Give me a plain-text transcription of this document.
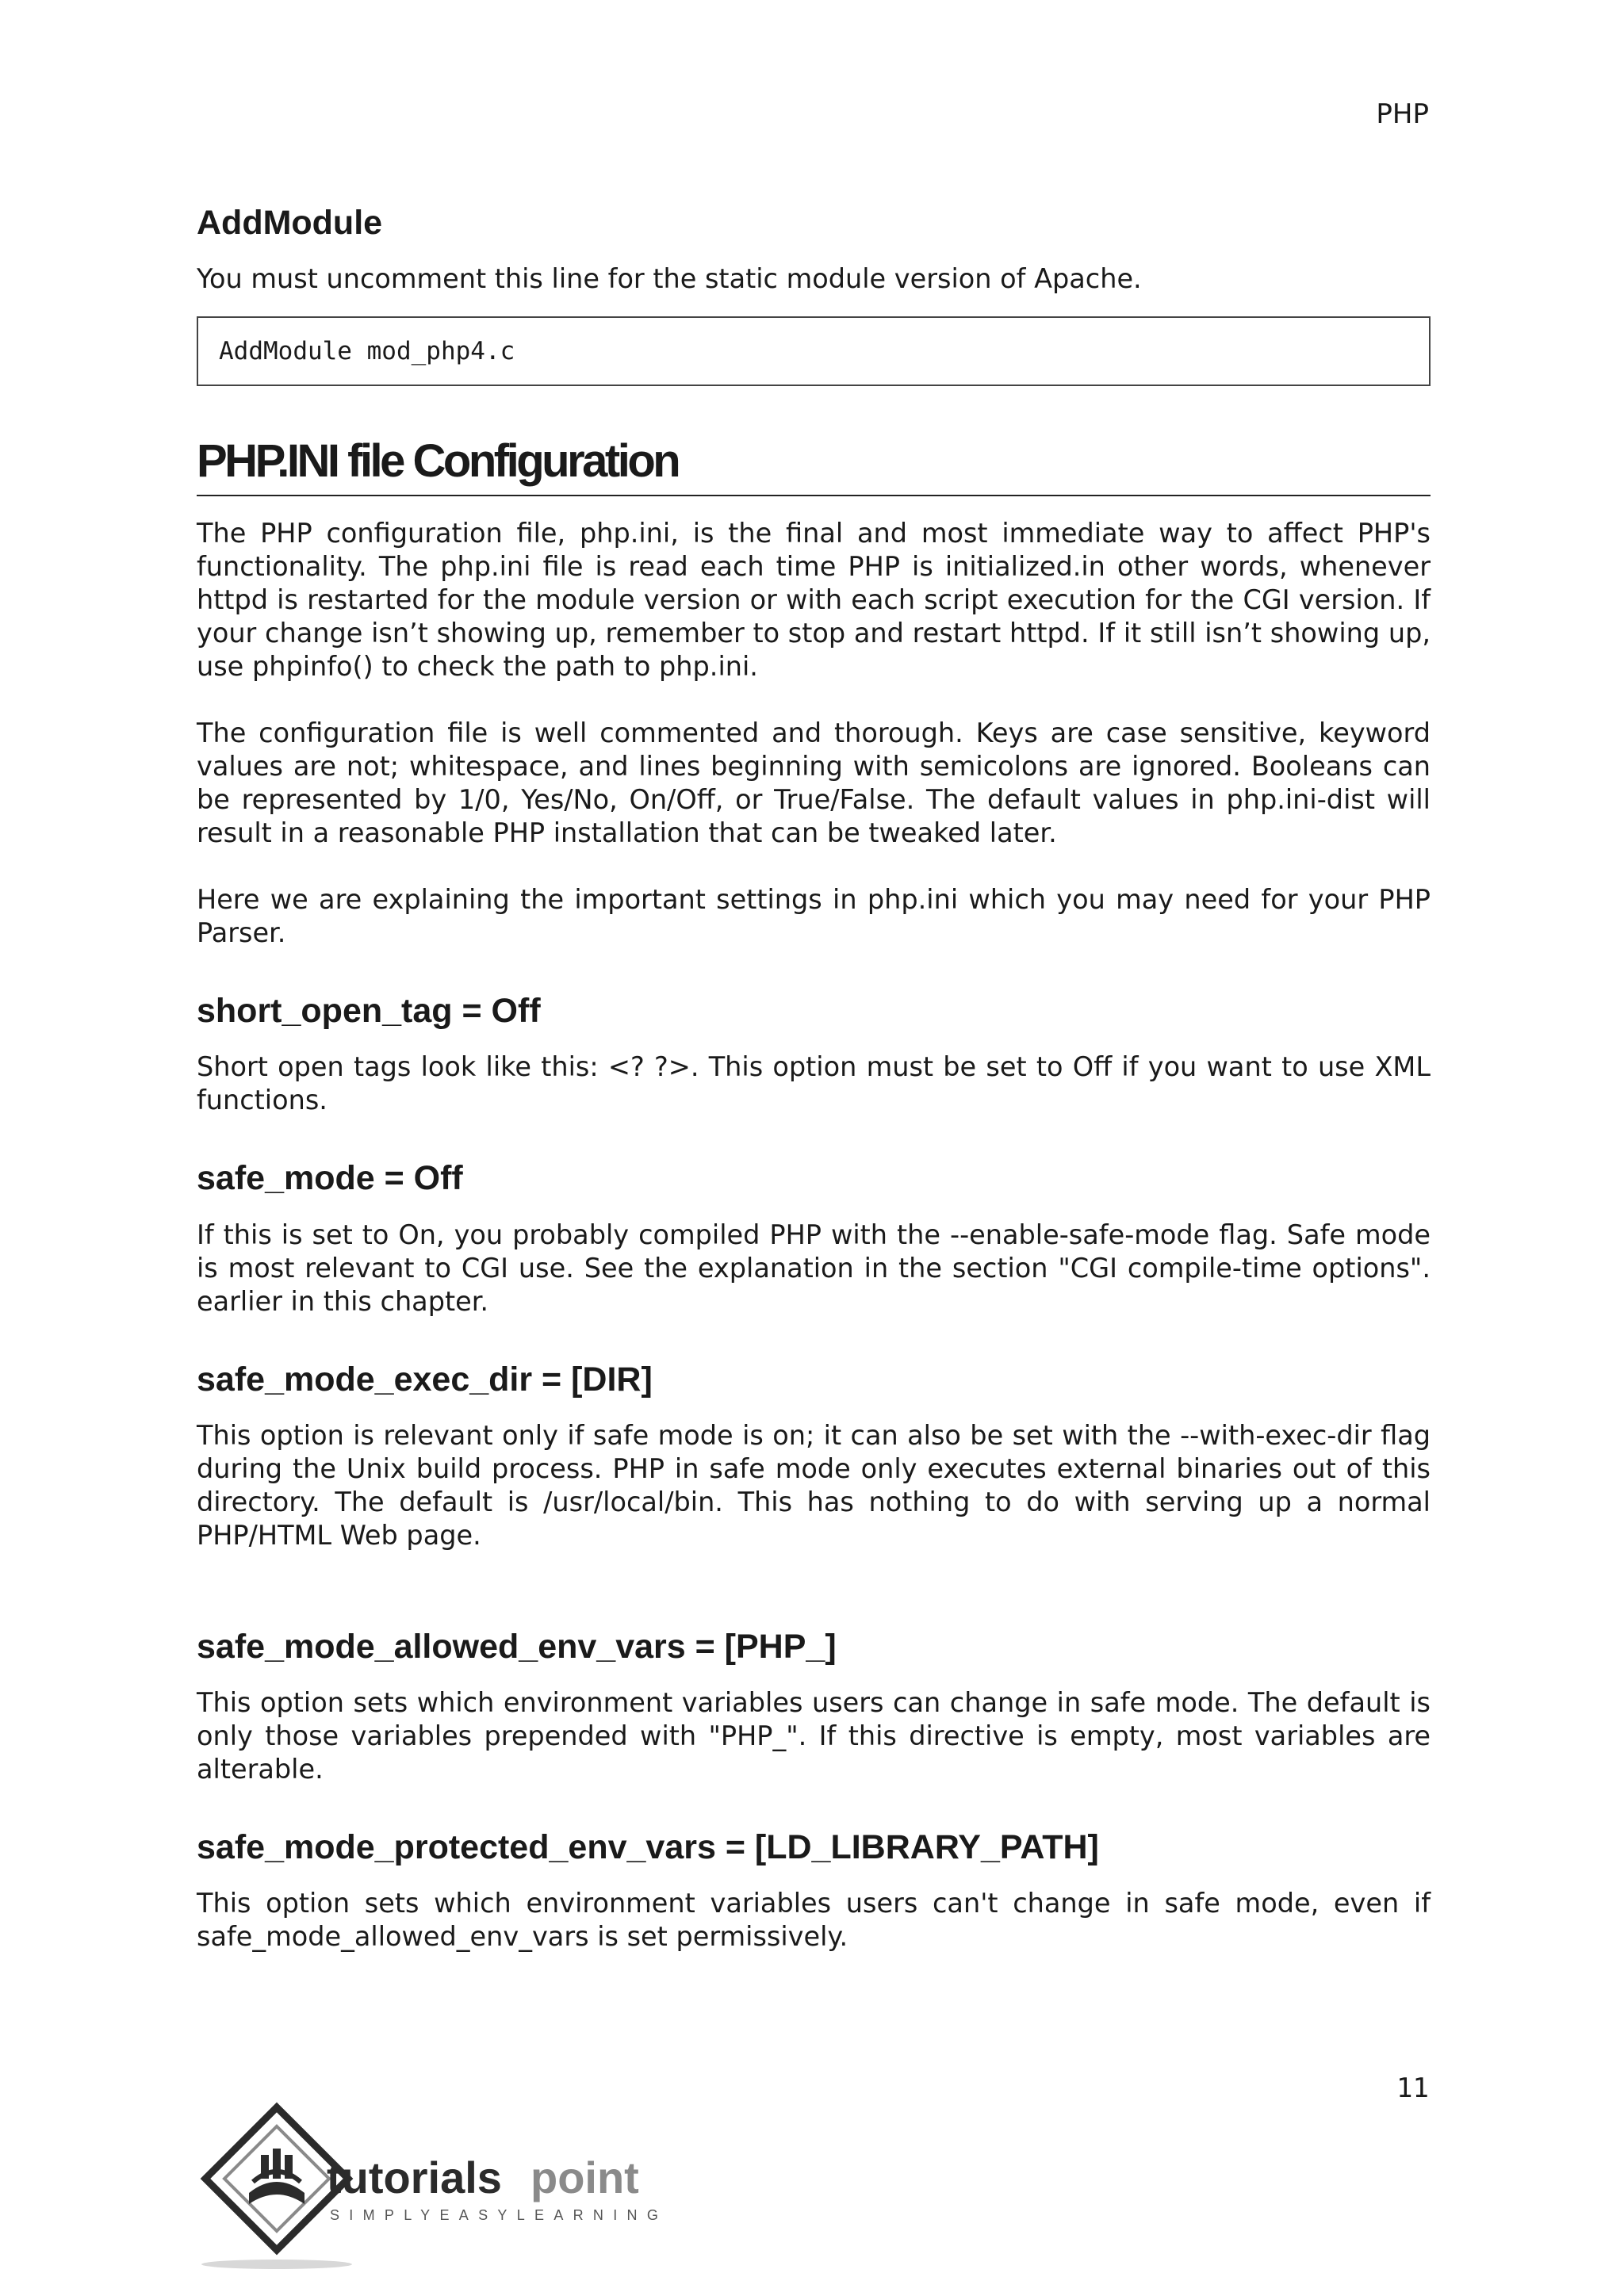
PHP
AddModule

You must uncomment this line for the static module version of Apache.

AddModule mod_php4.c
PHP.INI file Configuration

The PHP configuration file, php.ini, is the final and most immediate way to affect PHP's functionality. The php.ini file is read each time PHP is initialized.in other words, whenever httpd is restarted for the module version or with each script execution for the CGI version. If your change isn’t showing up, remember to stop and restart httpd. If it still isn’t showing up, use phpinfo() to check the path to php.ini.

The configuration file is well commented and thorough. Keys are case sensitive, keyword values are not; whitespace, and lines beginning with semicolons are ignored. Booleans can be represented by 1/0, Yes/No, On/Off, or True/False. The default values in php.ini-dist will result in a reasonable PHP installation that can be tweaked later.

Here we are explaining the important settings in php.ini which you may need for your PHP Parser.

short_open_tag = Off

Short open tags look like this: <? ?>. This option must be set to Off if you want to use XML functions.

safe_mode = Off

If this is set to On, you probably compiled PHP with the --enable-safe-mode flag. Safe mode is most relevant to CGI use. See the explanation in the section "CGI compile-time options". earlier in this chapter.

safe_mode_exec_dir = [DIR]

This option is relevant only if safe mode is on; it can also be set with the --with-exec-dir flag during the Unix build process. PHP in safe mode only executes external binaries out of this directory. The default is /usr/local/bin. This has nothing to do with serving up a normal PHP/HTML Web page.

safe_mode_allowed_env_vars = [PHP_]

This option sets which environment variables users can change in safe mode. The default is only those variables prepended with "PHP_". If this directive is empty, most variables are alterable.

safe_mode_protected_env_vars = [LD_LIBRARY_PATH]

This option sets which environment variables users can't change in safe mode, even if safe_mode_allowed_env_vars is set permissively.

11
tutorials point
SIMPLYEASYLEARNING
